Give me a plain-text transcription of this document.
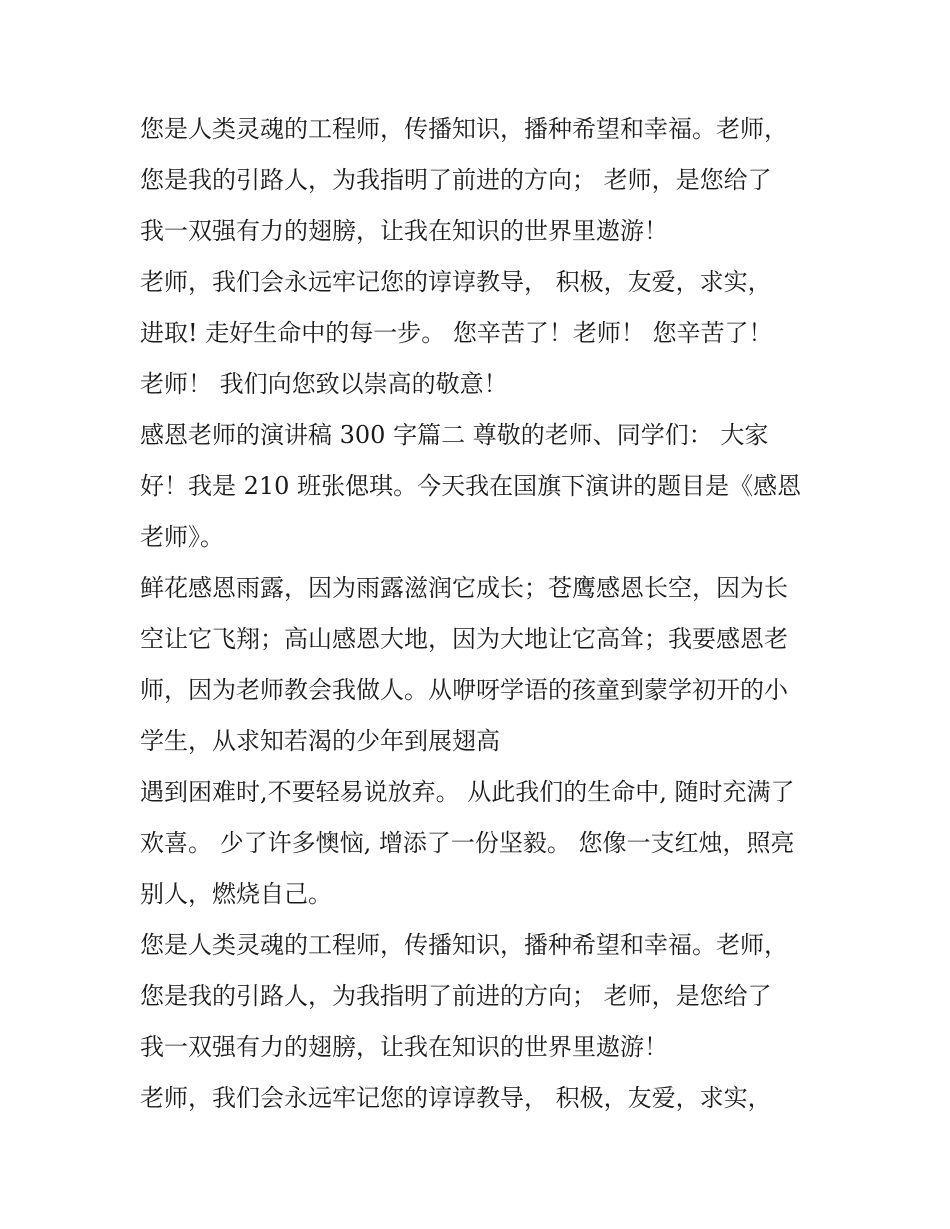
您是人类灵魂的工程师，传播知识，播种希望和幸福。老师，
您是我的引路人，为我指明了前进的方向； 老师，是您给了
我一双强有力的翅膀，让我在知识的世界里遨游！
老师，我们会永远牢记您的谆谆教导， 积极，友爱，求实，
进取! 走好生命中的每一步。 您辛苦了！老师！ 您辛苦了！
老师！ 我们向您致以崇高的敬意！
感恩老师的演讲稿 300 字篇二 尊敬的老师、同学们： 大家
好！我是 210 班张偲琪。今天我在国旗下演讲的题目是《感恩
老师》。
鲜花感恩雨露，因为雨露滋润它成长；苍鹰感恩长空，因为长
空让它飞翔；高山感恩大地，因为大地让它高耸；我要感恩老
师，因为老师教会我做人。从咿呀学语的孩童到蒙学初开的小
学生，从求知若渴的少年到展翅高
遇到困难时,不要轻易说放弃。 从此我们的生命中, 随时充满了
欢喜。 少了许多懊恼, 增添了一份坚毅。 您像一支红烛，照亮
别人，燃烧自己。
您是人类灵魂的工程师，传播知识，播种希望和幸福。老师，
您是我的引路人，为我指明了前进的方向； 老师，是您给了
我一双强有力的翅膀，让我在知识的世界里遨游！
老师，我们会永远牢记您的谆谆教导， 积极，友爱，求实，
